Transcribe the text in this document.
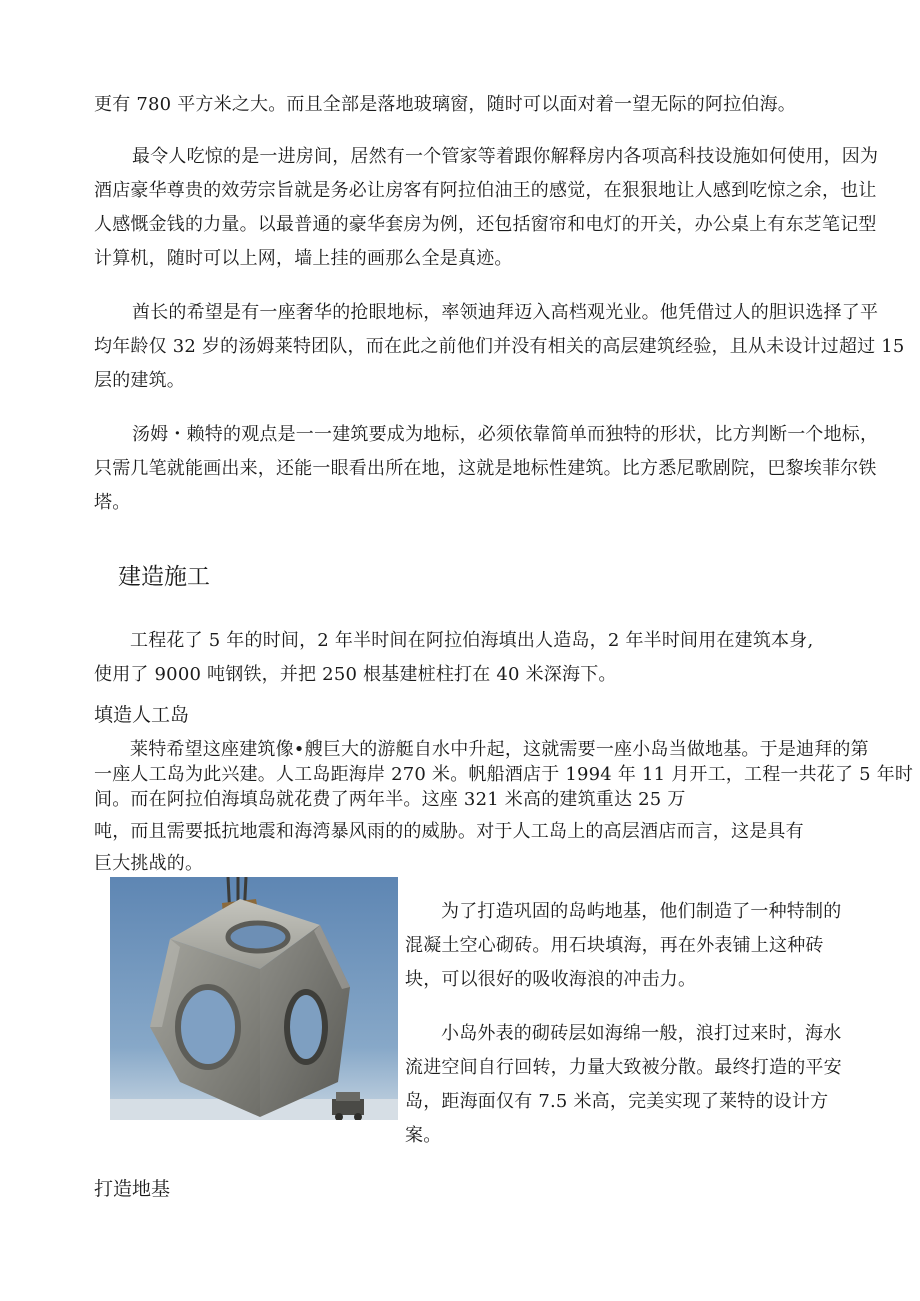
更有 780 平方米之大。而且全部是落地玻璃窗，随时可以面对着一望无际的阿拉伯海。
最令人吃惊的是一进房间，居然有一个管家等着跟你解释房内各项高科技设施如何使用，因为
酒店豪华尊贵的效劳宗旨就是务必让房客有阿拉伯油王的感觉，在狠狠地让人感到吃惊之余，也让
人感慨金钱的力量。以最普通的豪华套房为例，还包括窗帘和电灯的开关，办公桌上有东芝笔记型
计算机，随时可以上网，墙上挂的画那么全是真迹。
酋长的希望是有一座奢华的抢眼地标，率领迪拜迈入高档观光业。他凭借过人的胆识选择了平
均年龄仅 32 岁的汤姆莱特团队，而在此之前他们并没有相关的高层建筑经验，且从未设计过超过 15
层的建筑。
汤姆・赖特的观点是一一建筑要成为地标，必须依靠简单而独特的形状，比方判断一个地标，
只需几笔就能画出来，还能一眼看出所在地，这就是地标性建筑。比方悉尼歌剧院，巴黎埃菲尔铁
塔。
建造施工
工程花了 5 年的时间，2 年半时间在阿拉伯海填出人造岛，2 年半时间用在建筑本身,
使用了 9000 吨钢铁，并把 250 根基建桩柱打在 40 米深海下。
填造人工岛
莱特希望这座建筑像•艘巨大的游艇自水中升起，这就需要一座小岛当做地基。于是迪拜的第
一座人工岛为此兴建。人工岛距海岸 270 米。帆船酒店于 1994 年 11 月开工，工程一共花了 5 年时
间。而在阿拉伯海填岛就花费了两年半。这座 321 米高的建筑重达 25 万
吨，而且需要抵抗地震和海湾暴风雨的的威胁。对于人工岛上的高层酒店而言，这是具有
巨大挑战的。
为了打造巩固的岛屿地基，他们制造了一种特制的
混凝土空心砌砖。用石块填海，再在外表铺上这种砖
块，可以很好的吸收海浪的冲击力。
小岛外表的砌砖层如海绵一般，浪打过来时，海水
流进空间自行回转，力量大致被分散。最终打造的平安
岛，距海面仅有 7.5 米高，完美实现了莱特的设计方
案。
打造地基
